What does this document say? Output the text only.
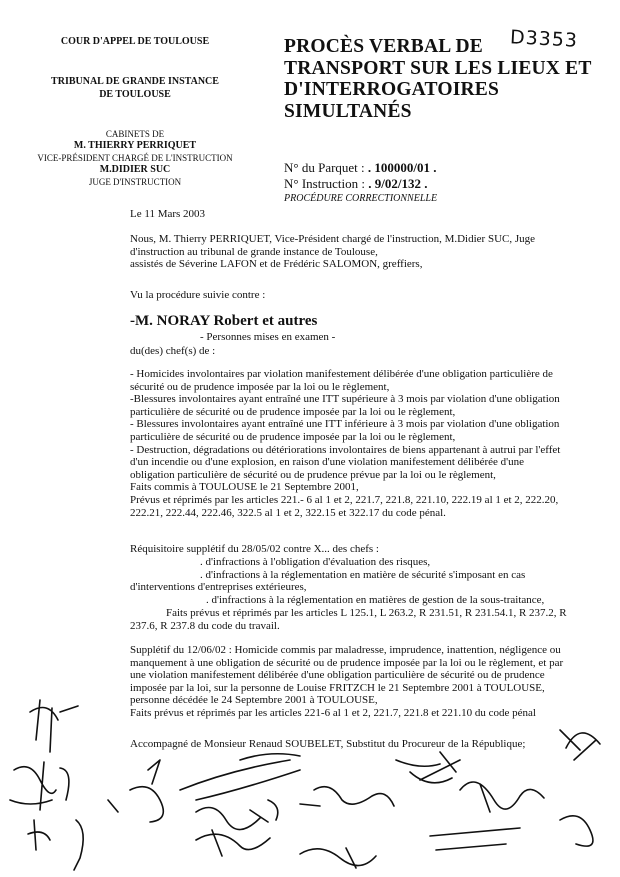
COUR D'APPEL DE TOULOUSE
TRIBUNAL DE GRANDE INSTANCE
DE TOULOUSE
CABINETS DE
M. THIERRY PERRIQUET
VICE-PRÉSIDENT CHARGÉ DE L'INSTRUCTION
M.DIDIER SUC
JUGE D'INSTRUCTION
PROCÈS VERBAL DE
TRANSPORT SUR LES LIEUX ET
D'INTERROGATOIRES
SIMULTANÉS
D3353
N° du Parquet : . 100000/01 .
N° Instruction : . 9/02/132 .
PROCÉDURE CORRECTIONNELLE
Le 11 Mars 2003
Nous, M. Thierry PERRIQUET, Vice-Président chargé de l'instruction, M.Didier SUC, Juge
d'instruction au tribunal de grande instance de Toulouse,
assistés de Séverine LAFON et de Frédéric SALOMON, greffiers,
Vu la procédure suivie contre :
-M. NORAY Robert et autres
- Personnes mises en examen -
du(des) chef(s) de :
- Homicides involontaires par violation manifestement délibérée d'une obligation particulière de
sécurité ou de prudence imposée par la loi ou le règlement,
-Blessures involontaires ayant entraîné une ITT supérieure à 3 mois par violation d'une obligation
particulière de sécurité ou de prudence imposée par la loi ou le règlement,
- Blessures involontaires ayant entraîné une ITT inférieure à 3 mois par violation d'une obligation
particulière de sécurité ou de prudence imposée par la loi ou le règlement,
- Destruction, dégradations ou détériorations involontaires de biens appartenant à autrui par l'effet
d'un incendie ou d'une explosion, en raison d'une violation manifestement délibérée d'une
obligation particulière de sécurité ou de prudence prévue par la loi ou le règlement,
Faits commis à TOULOUSE le 21 Septembre 2001,
Prévus et réprimés par les articles 221.- 6 al 1 et 2, 221.7, 221.8, 221.10, 222.19 al 1 et 2, 222.20,
222.21, 222.44, 222.46, 322.5 al 1 et 2, 322.15 et 322.17 du code pénal.
Réquisitoire supplétif du 28/05/02 contre X... des chefs :
. d'infractions à l'obligation d'évaluation des risques,
. d'infractions à la réglementation en matière de sécurité s'imposant en cas
d'interventions d'entreprises extérieures,
. d'infractions à la réglementation en matières de gestion de la sous-traitance,
Faits prévus et réprimés par les articles L 125.1, L 263.2, R 231.51, R 231.54.1, R 237.2, R
237.6, R 237.8 du code du travail.
Supplétif du 12/06/02 : Homicide commis par maladresse, imprudence, inattention, négligence ou
manquement à une obligation de sécurité ou de prudence imposée par la loi ou le règlement, et par
une violation manifestement délibérée d'une obligation particulière de sécurité ou de prudence
imposée par la loi, sur la personne de Louise FRITZCH le 21 Septembre 2001 à TOULOUSE,
personne décédée le 24 Septembre 2001 à TOULOUSE,
Faits prévus et réprimés par les articles 221-6 al 1 et 2, 221.7, 221.8 et 221.10 du code pénal
Accompagné de Monsieur Renaud SOUBELET, Substitut du Procureur de la République;
